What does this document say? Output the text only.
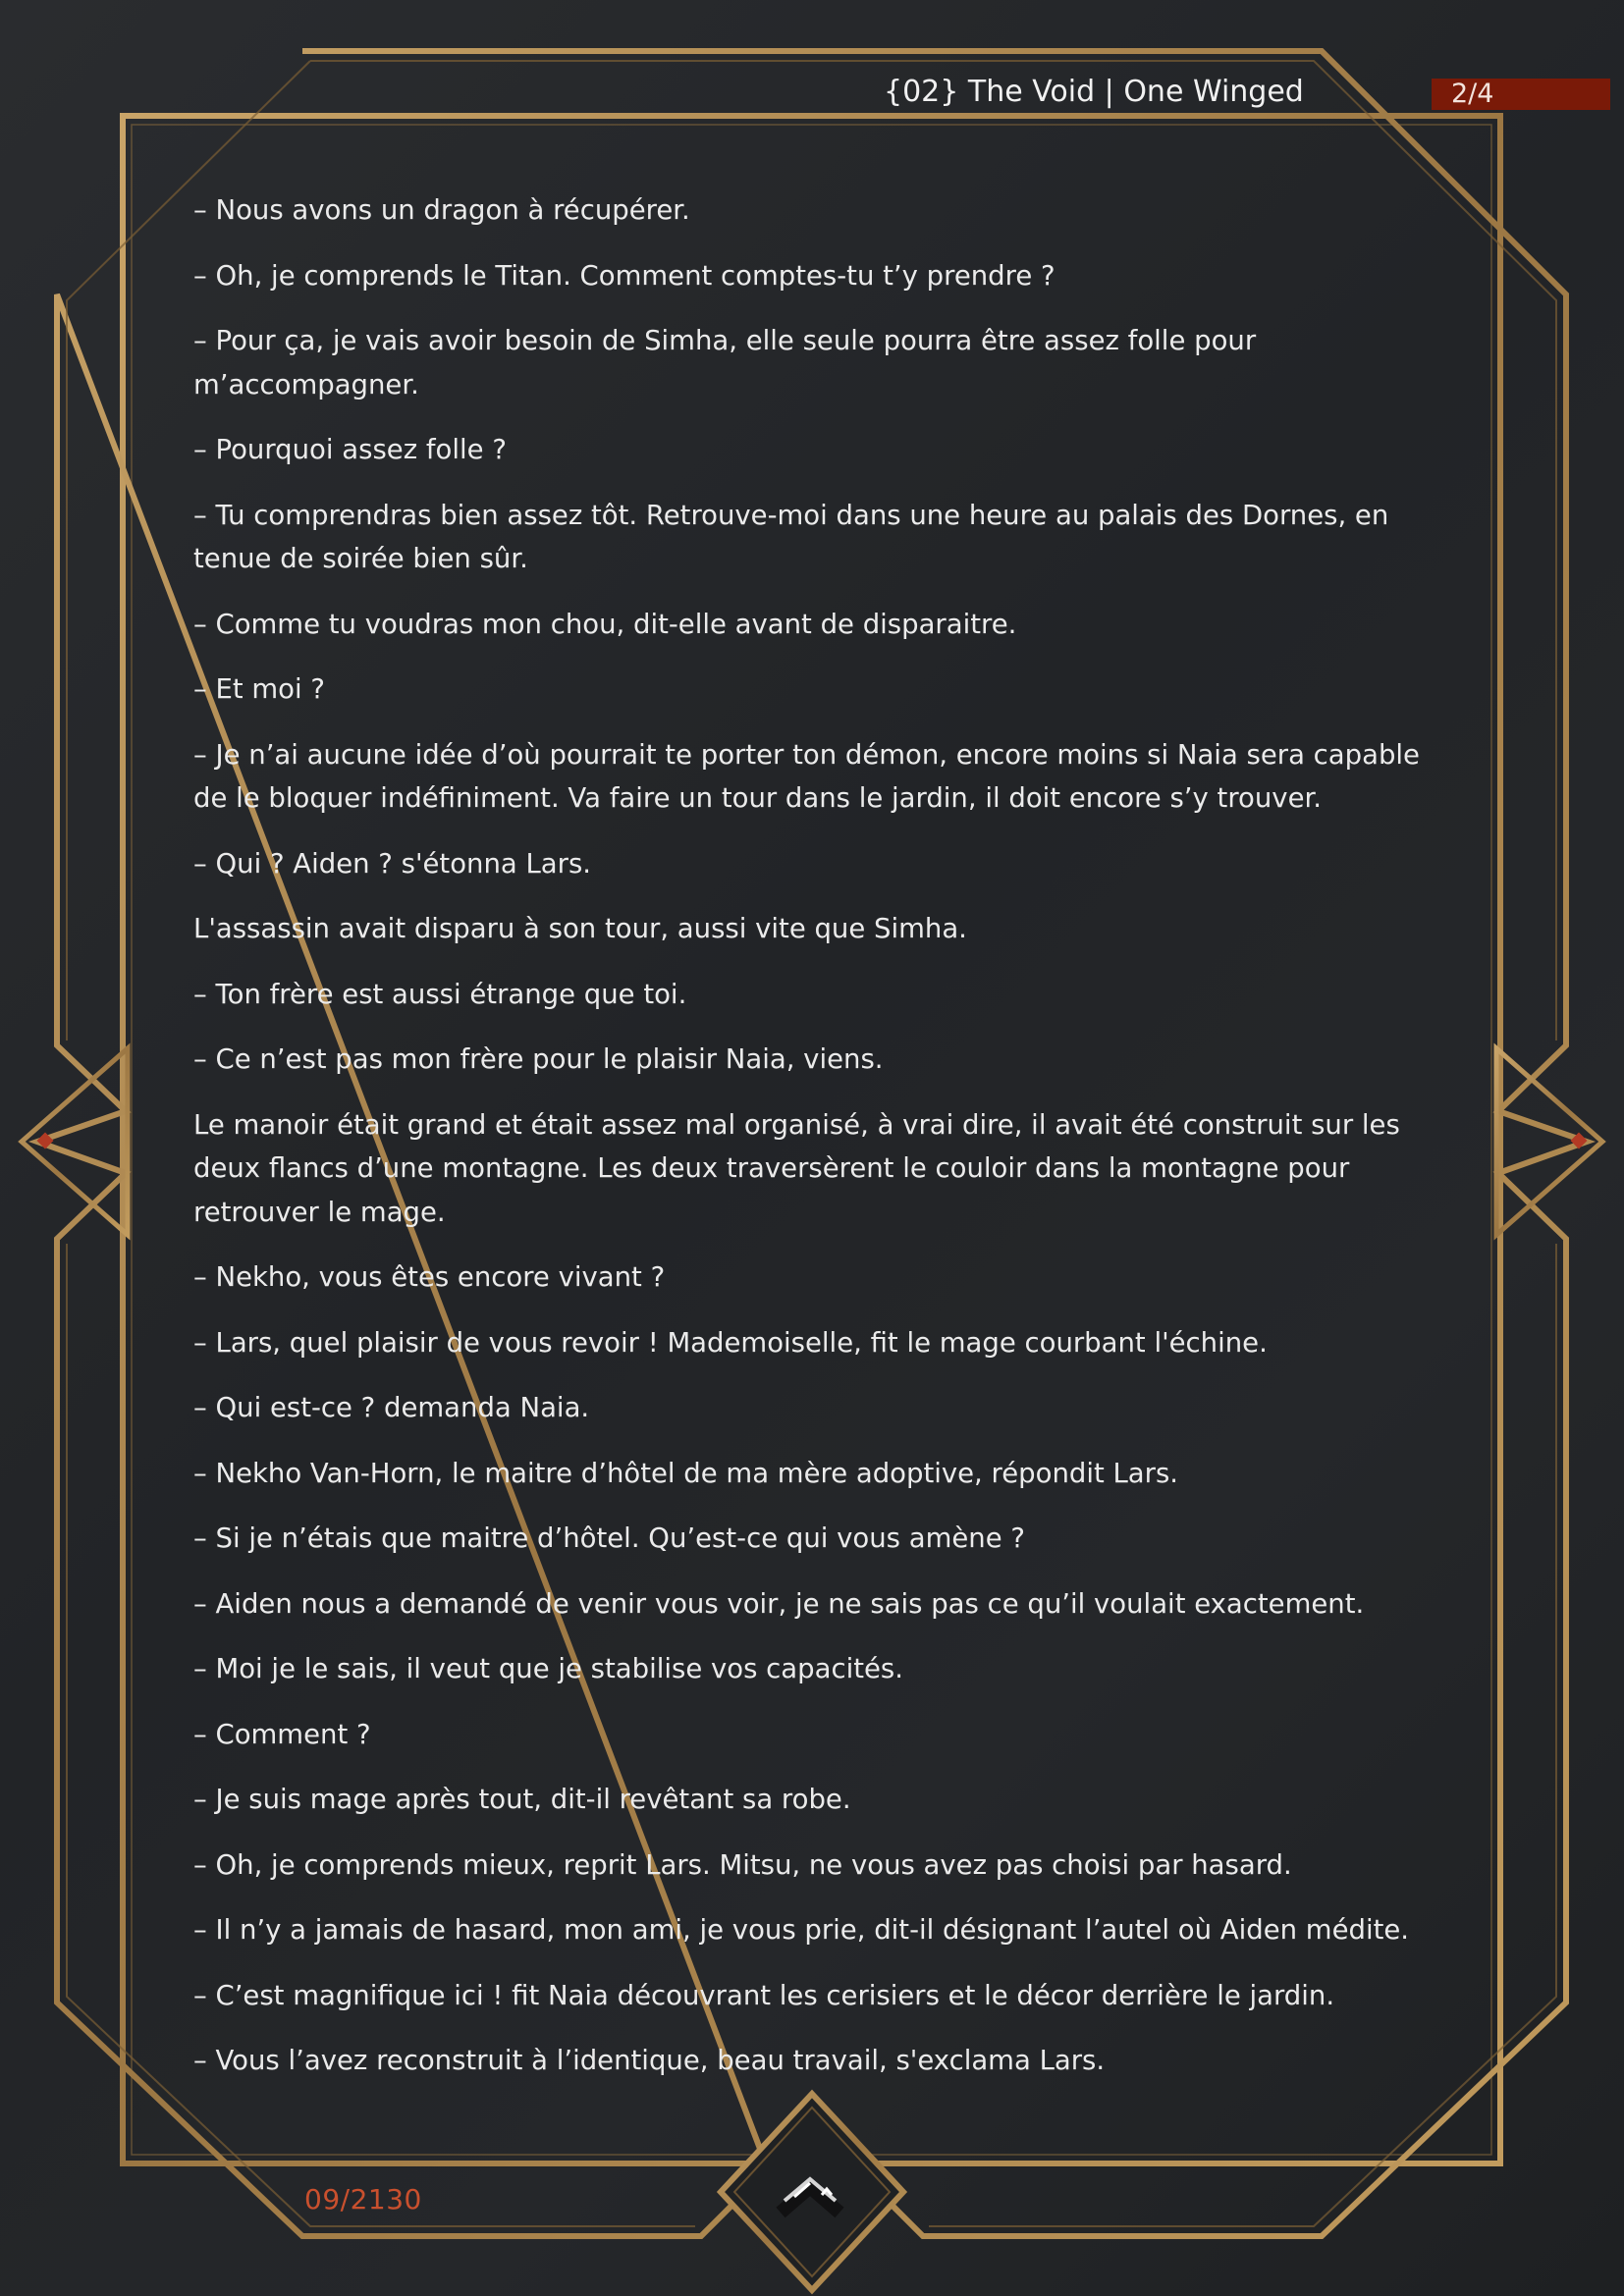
{02} The Void | One Winged	2/4

– Nous avons un dragon à récupérer.

– Oh, je comprends le Titan. Comment comptes-tu t’y prendre ?

– Pour ça, je vais avoir besoin de Simha, elle seule pourra être assez folle pour m’accompagner.

– Pourquoi assez folle ?

– Tu comprendras bien assez tôt. Retrouve-moi dans une heure au palais des Dornes, en tenue de soirée bien sûr.

– Comme tu voudras mon chou, dit-elle avant de disparaitre.

– Et moi ?

– Je n’ai aucune idée d’où pourrait te porter ton démon, encore moins si Naia sera capable de le bloquer indéfiniment. Va faire un tour dans le jardin, il doit encore s’y trouver.

– Qui ? Aiden ? s'étonna Lars.

L'assassin avait disparu à son tour, aussi vite que Simha.

– Ton frère est aussi étrange que toi.

– Ce n’est pas mon frère pour le plaisir Naia, viens.

Le manoir était grand et était assez mal organisé, à vrai dire, il avait été construit sur les deux flancs d’une montagne. Les deux traversèrent le couloir dans la montagne pour retrouver le mage.

– Nekho, vous êtes encore vivant ?

– Lars, quel plaisir de vous revoir ! Mademoiselle, fit le mage courbant l'échine.

– Qui est-ce ? demanda Naia.

– Nekho Van-Horn, le maitre d’hôtel de ma mère adoptive, répondit Lars.

– Si je n’étais que maitre d’hôtel. Qu’est-ce qui vous amène ?

– Aiden nous a demandé de venir vous voir, je ne sais pas ce qu’il voulait exactement.

– Moi je le sais, il veut que je stabilise vos capacités.

– Comment ?

– Je suis mage après tout, dit-il revêtant sa robe.

– Oh, je comprends mieux, reprit Lars. Mitsu, ne vous avez pas choisi par hasard.

– Il n’y a jamais de hasard, mon ami, je vous prie, dit-il désignant l’autel où Aiden médite.

– C’est magnifique ici ! fit Naia découvrant les cerisiers et le décor derrière le jardin.

– Vous l’avez reconstruit à l’identique, beau travail, s'exclama Lars.

09/2130
